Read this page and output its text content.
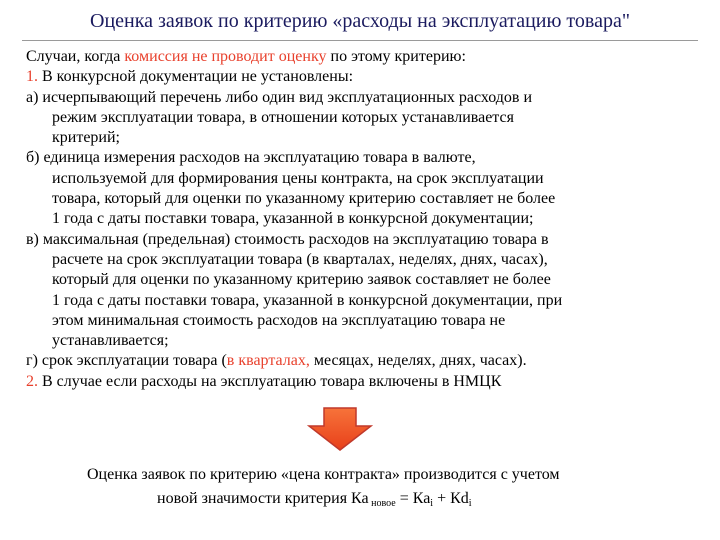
Оценка заявок по критерию «расходы на эксплуатацию товара"
Случаи, когда комиссия не проводит оценку по этому критерию:
1. В конкурсной документации не установлены:
а) исчерпывающий перечень либо один вид эксплуатационных расходов и
режим эксплуатации товара, в отношении которых устанавливается
критерий;
б) единица измерения расходов на эксплуатацию товара в валюте,
используемой для формирования цены контракта, на срок эксплуатации
товара, который для оценки по указанному критерию составляет не более
1 года с даты поставки товара, указанной в конкурсной документации;
в) максимальная (предельная) стоимость расходов на эксплуатацию товара в
расчете на срок эксплуатации товара (в кварталах, неделях, днях, часах),
который для оценки по указанному критерию заявок составляет не более
1 года с даты поставки товара, указанной в конкурсной документации, при
этом минимальная стоимость расходов на эксплуатацию товара не
устанавливается;
г) срок эксплуатации товара (в кварталах, месяцах, неделях, днях, часах).
2. В случае если расходы на эксплуатацию товара включены в НМЦК
Оценка заявок по критерию «цена контракта» производится с учетом
новой значимости критерия Ка $_{новое} = Ка_i + Кd_i$
